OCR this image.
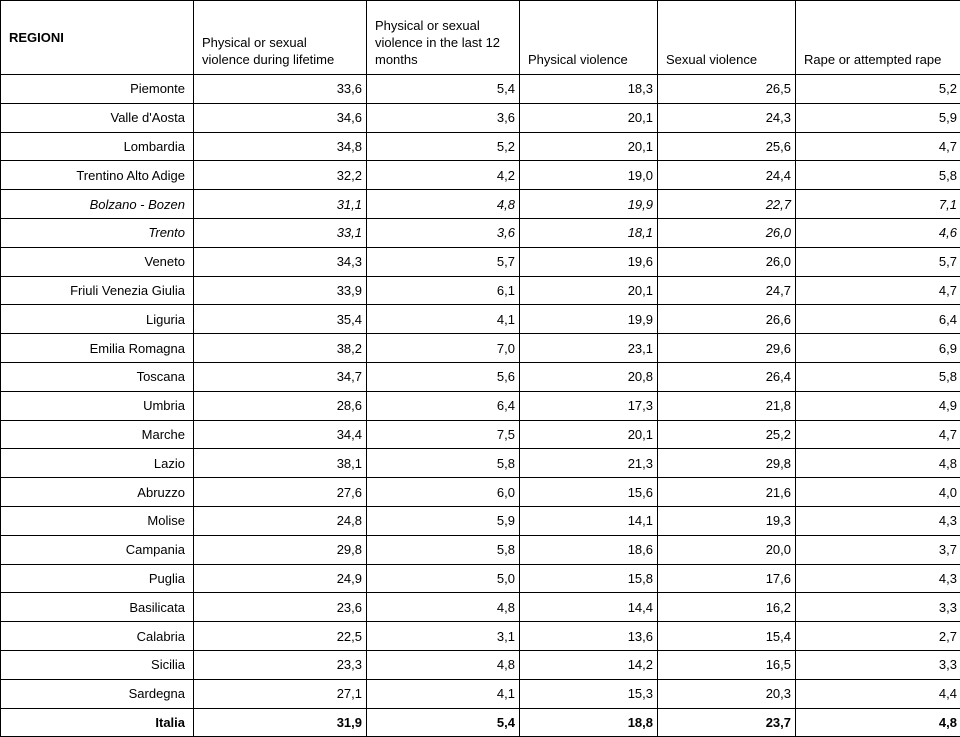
REGIONI	Physical or sexual violence during lifetime	Physical or sexual violence in the last 12 months	Physical violence	Sexual violence	Rape or attempted rape
Piemonte	33,6	5,4	18,3	26,5	5,2
Valle d'Aosta	34,6	3,6	20,1	24,3	5,9
Lombardia	34,8	5,2	20,1	25,6	4,7
Trentino Alto Adige	32,2	4,2	19,0	24,4	5,8
Bolzano - Bozen	31,1	4,8	19,9	22,7	7,1
Trento	33,1	3,6	18,1	26,0	4,6
Veneto	34,3	5,7	19,6	26,0	5,7
Friuli Venezia Giulia	33,9	6,1	20,1	24,7	4,7
Liguria	35,4	4,1	19,9	26,6	6,4
Emilia Romagna	38,2	7,0	23,1	29,6	6,9
Toscana	34,7	5,6	20,8	26,4	5,8
Umbria	28,6	6,4	17,3	21,8	4,9
Marche	34,4	7,5	20,1	25,2	4,7
Lazio	38,1	5,8	21,3	29,8	4,8
Abruzzo	27,6	6,0	15,6	21,6	4,0
Molise	24,8	5,9	14,1	19,3	4,3
Campania	29,8	5,8	18,6	20,0	3,7
Puglia	24,9	5,0	15,8	17,6	4,3
Basilicata	23,6	4,8	14,4	16,2	3,3
Calabria	22,5	3,1	13,6	15,4	2,7
Sicilia	23,3	4,8	14,2	16,5	3,3
Sardegna	27,1	4,1	15,3	20,3	4,4
Italia	31,9	5,4	18,8	23,7	4,8
